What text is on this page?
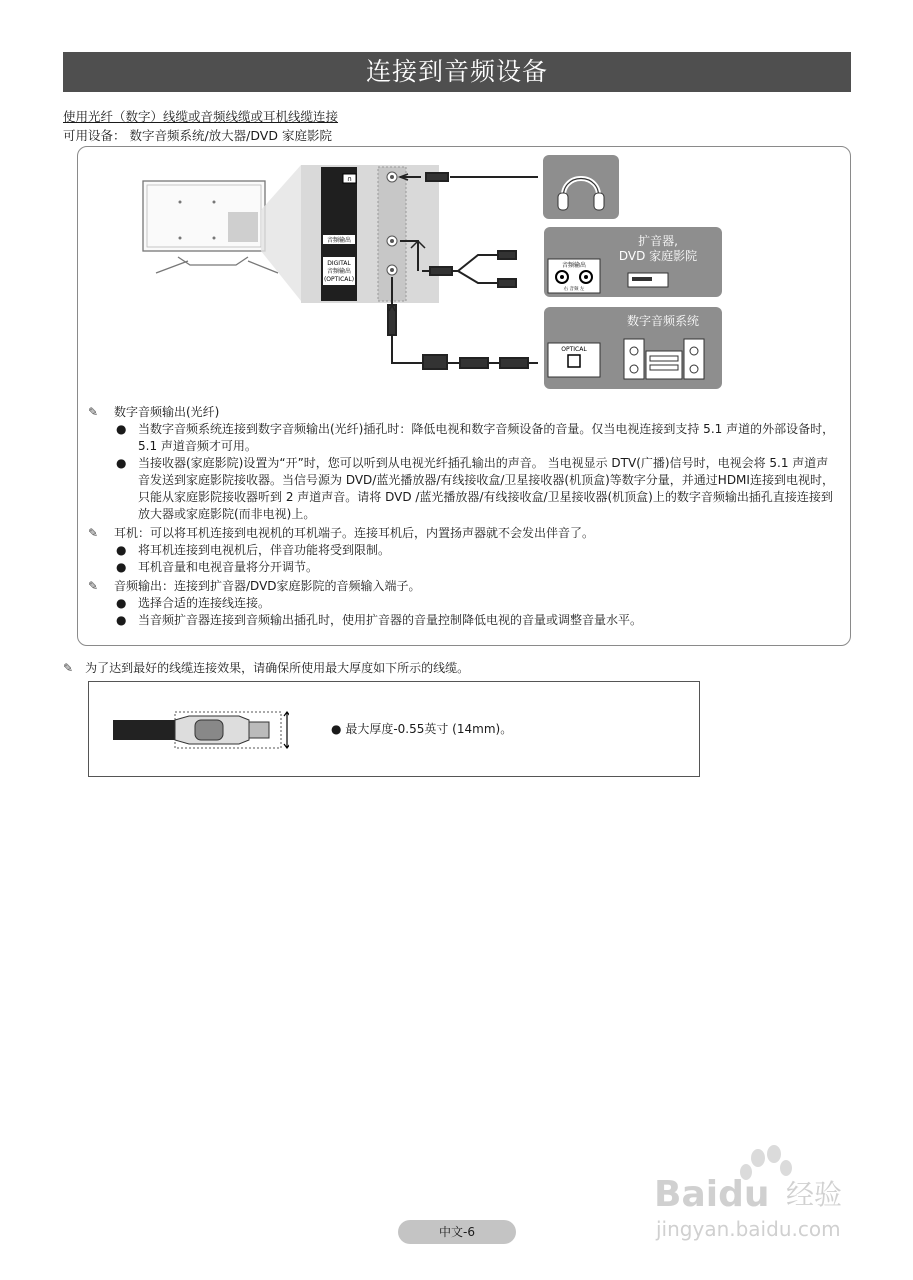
连接到音频设备
使用光纤（数字）线缆或音频线缆或耳机线缆连接
可用设备： 数字音频系统/放大器/DVD 家庭影院
∩
音频输出
DIGITAL
音频输出
(OPTICAL)
扩音器,
DVD 家庭影院
音频输出
右 音频 左
数字音频系统
OPTICAL
✎ 数字音频输出(光纤)
● 当数字音频系统连接到数字音频输出(光纤)插孔时：降低电视和数字音频设备的音量。仅当电视连接到支持 5.1 声道的外部设备时，5.1 声道音频才可用。
● 当接收器(家庭影院)设置为“开”时，您可以听到从电视光纤插孔输出的声音。 当电视显示 DTV(广播)信号时，电视会将 5.1 声道声音发送到家庭影院接收器。当信号源为 DVD/蓝光播放器/有线接收盒/卫星接收器(机顶盒)等数字分量，并通过HDMI连接到电视时，只能从家庭影院接收器听到 2 声道声音。请将 DVD /蓝光播放器/有线接收盒/卫星接收器(机顶盒)上的数字音频输出插孔直接连接到放大器或家庭影院(而非电视)上。
✎ 耳机：可以将耳机连接到电视机的耳机端子。连接耳机后，内置扬声器就不会发出伴音了。
● 将耳机连接到电视机后，伴音功能将受到限制。
● 耳机音量和电视音量将分开调节。
✎ 音频输出：连接到扩音器/DVD家庭影院的音频输入端子。
● 选择合适的连接线连接。
● 当音频扩音器连接到音频输出插孔时，使用扩音器的音量控制降低电视的音量或调整音量水平。
✎ 为了达到最好的线缆连接效果，请确保所使用最大厚度如下所示的线缆。
● 最大厚度-0.55英寸 (14mm)。
Baidu 经验
jingyan.baidu.com
中文-6
